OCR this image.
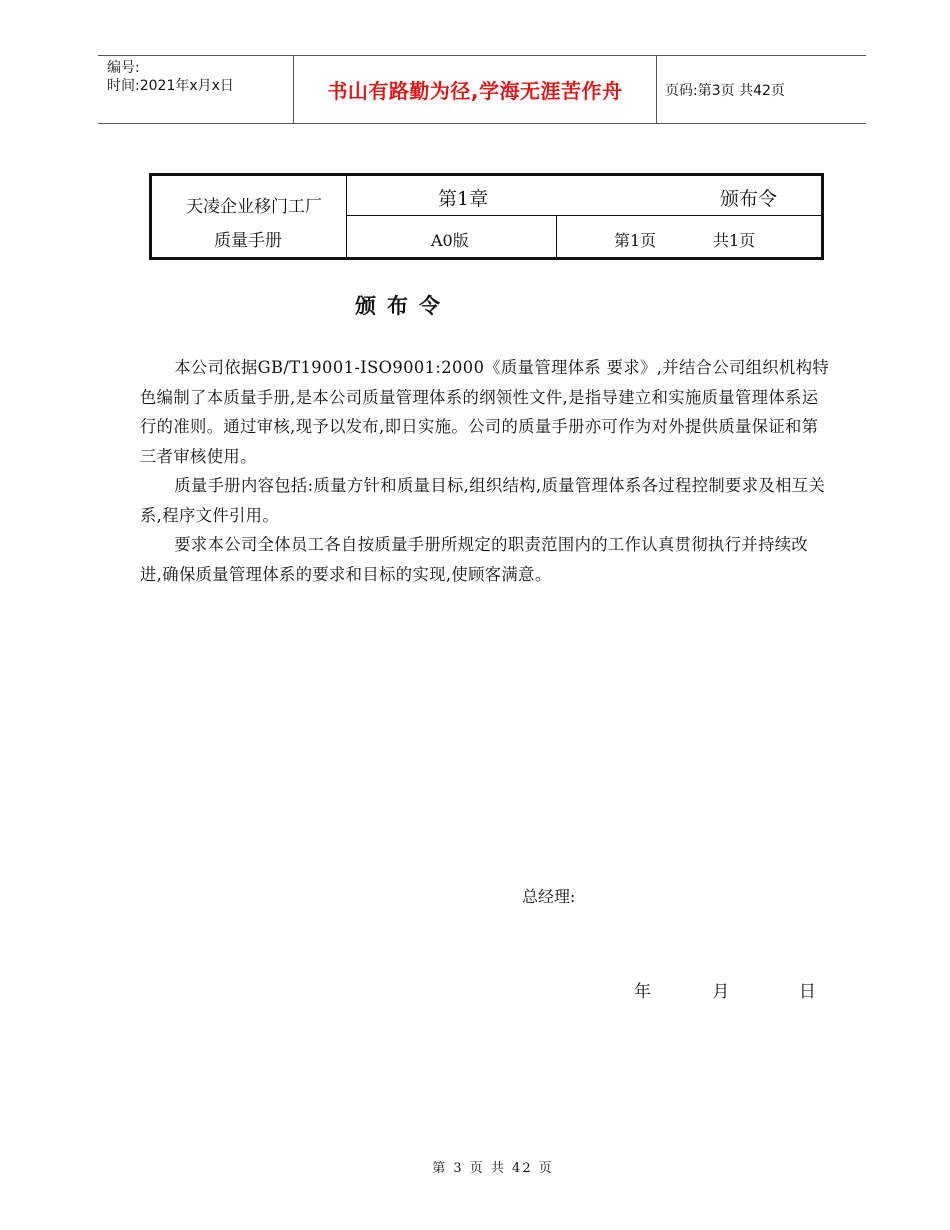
编号:
时间:2021年x月x日	书山有路勤为径,学海无涯苦作舟	页码:第3页 共42页
天凌企业移门工厂
质量手册
第1章	颁布令
A0版	第1页	共1页
颁布令

本公司依据GB/T19001-ISO9001:2000《质量管理体系 要求》,并结合公司组织机构特色编制了本质量手册,是本公司质量管理体系的纲领性文件,是指导建立和实施质量管理体系运行的准则。通过审核,现予以发布,即日实施。公司的质量手册亦可作为对外提供质量保证和第三者审核使用。

质量手册内容包括:质量方针和质量目标,组织结构,质量管理体系各过程控制要求及相互关系,程序文件引用。

要求本公司全体员工各自按质量手册所规定的职责范围内的工作认真贯彻执行并持续改进,确保质量管理体系的要求和目标的实现,使顾客满意。

总经理:
年	月	日
第 3 页 共 42 页
